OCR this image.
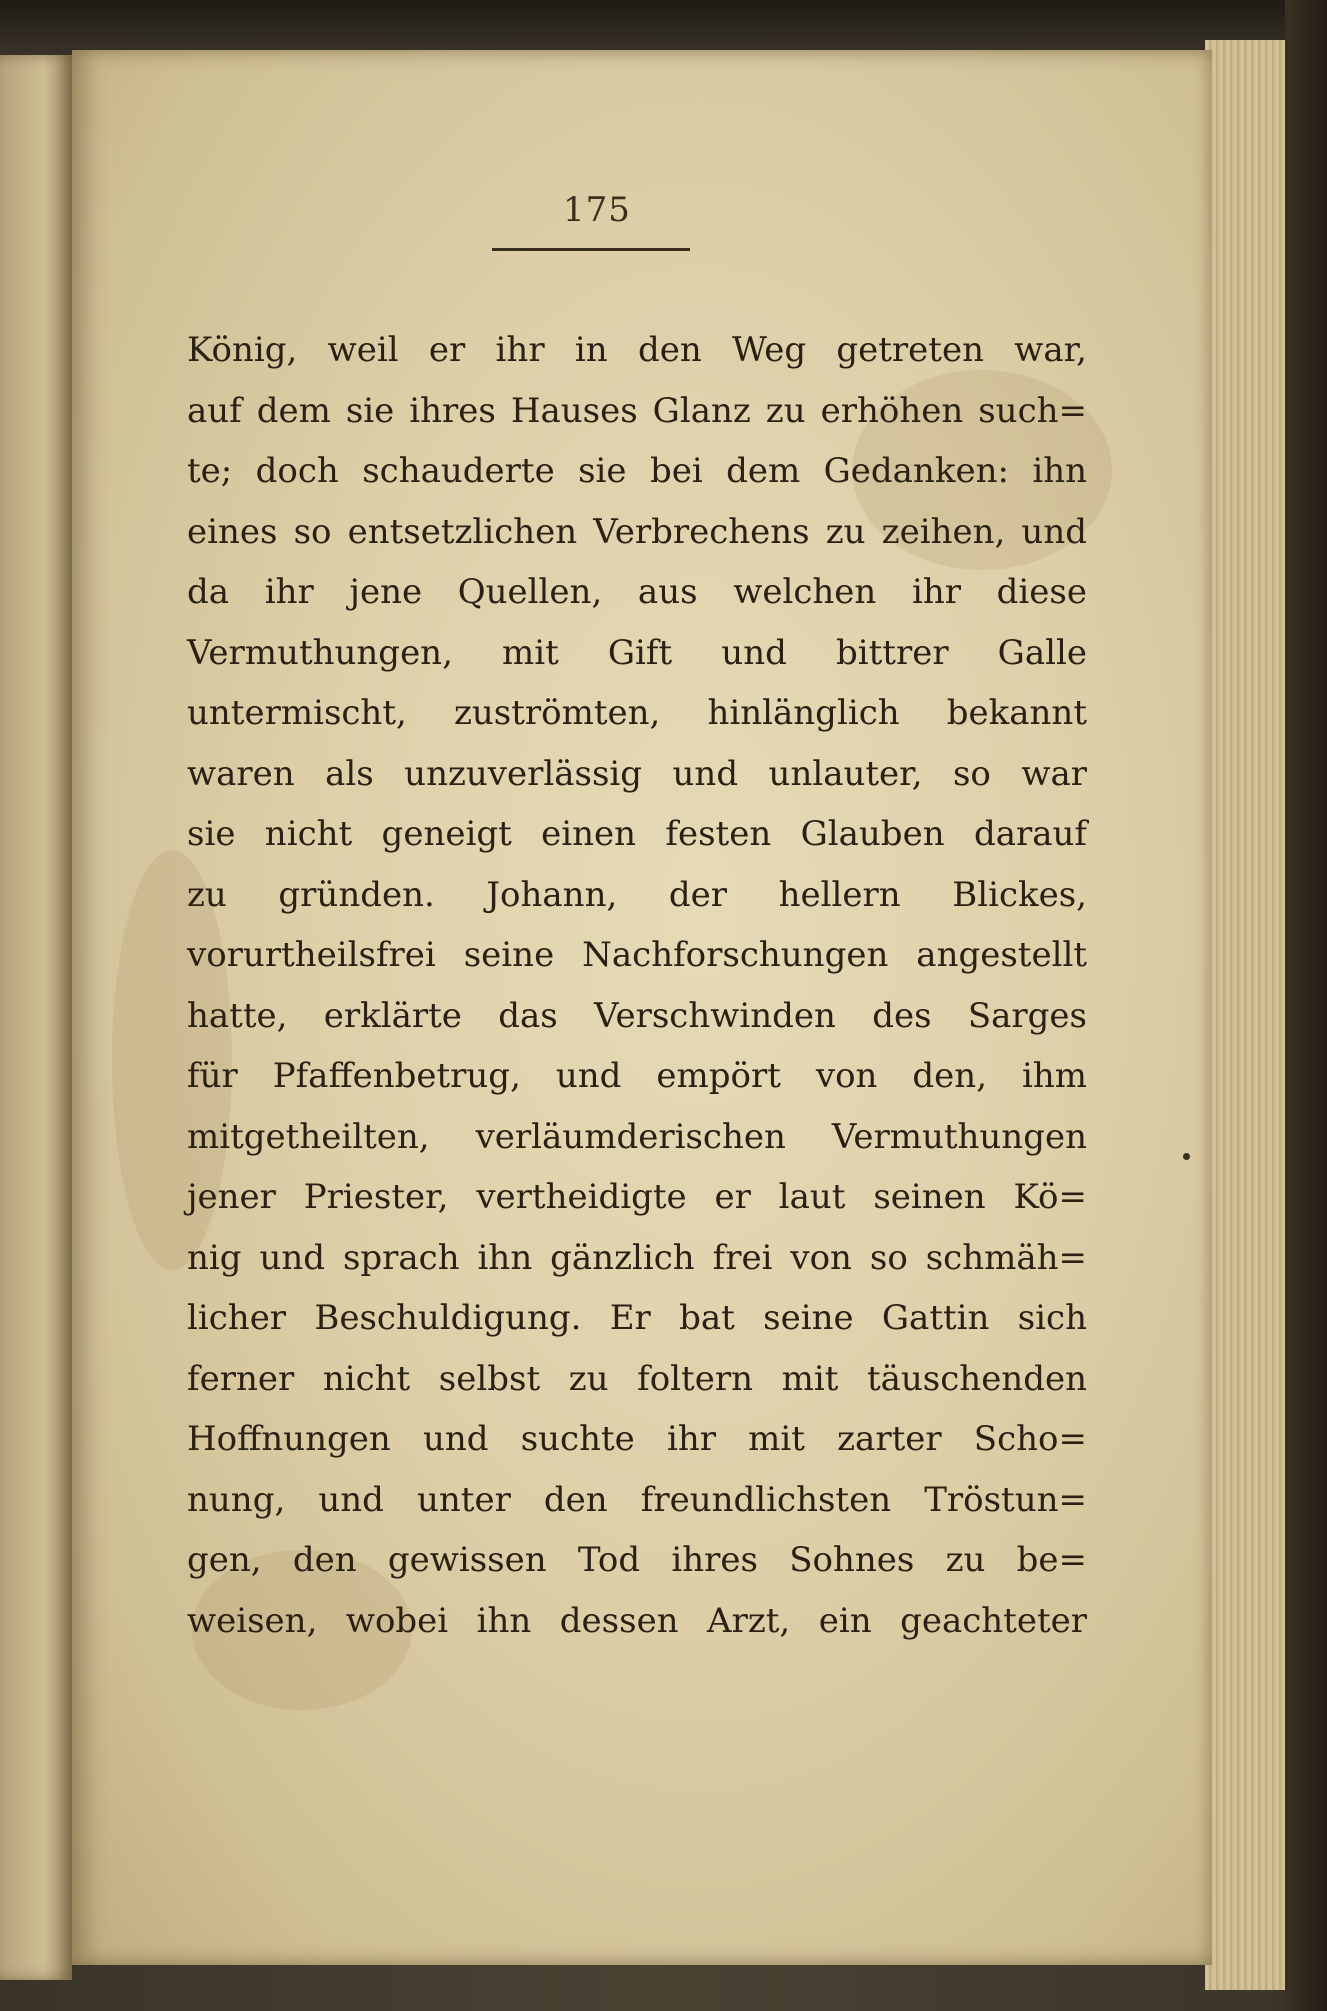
175
König, weil er ihr in den Weg getreten war,
auf dem sie ihres Hauses Glanz zu erhöhen such=
te; doch schauderte sie bei dem Gedanken: ihn
eines so entsetzlichen Verbrechens zu zeihen, und
da ihr jene Quellen, aus welchen ihr diese
Vermuthungen, mit Gift und bittrer Galle
untermischt, zuströmten, hinlänglich bekannt
waren als unzuverlässig und unlauter, so war
sie nicht geneigt einen festen Glauben darauf
zu gründen. Johann, der hellern Blickes,
vorurtheilsfrei seine Nachforschungen angestellt
hatte, erklärte das Verschwinden des Sarges
für Pfaffenbetrug, und empört von den, ihm
mitgetheilten, verläumderischen Vermuthungen
jener Priester, vertheidigte er laut seinen Kö=
nig und sprach ihn gänzlich frei von so schmäh=
licher Beschuldigung. Er bat seine Gattin sich
ferner nicht selbst zu foltern mit täuschenden
Hoffnungen und suchte ihr mit zarter Scho=
nung, und unter den freundlichsten Tröstun=
gen, den gewissen Tod ihres Sohnes zu be=
weisen, wobei ihn dessen Arzt, ein geachteter
